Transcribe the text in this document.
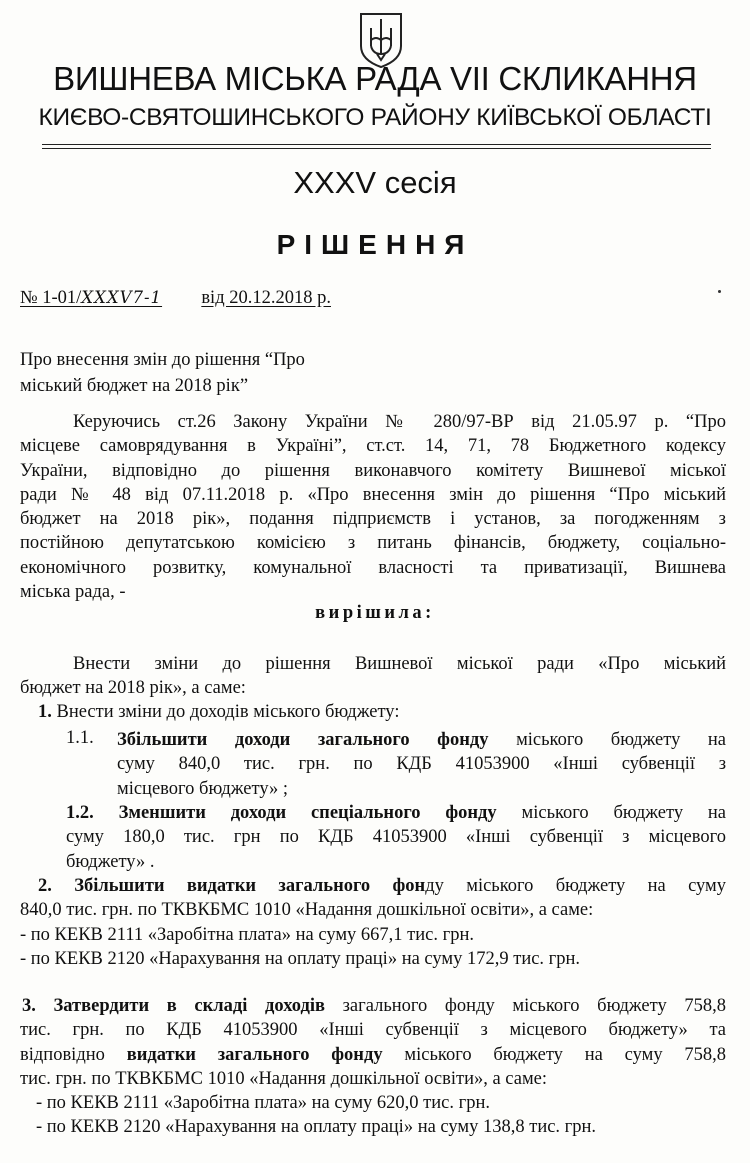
ВИШНЕВА МІСЬКА РАДА VII СКЛИКАННЯ
КИЄВО-СВЯТОШИНСЬКОГО РАЙОНУ КИЇВСЬКОЇ ОБЛАСТІ
XXXV сесія
РІШЕННЯ
№ 1-01/XXXV7-1 від 20.12.2018 р.
Про внесення змін до рішення “Про
міський бюджет на 2018 рік”
Керуючись ст.26 Закону України № 280/97-ВР від 21.05.97 р. “Про
місцеве самоврядування в Україні”, ст.ст. 14, 71, 78 Бюджетного кодексу
України, відповідно до рішення виконавчого комітету Вишневої міської
ради № 48 від 07.11.2018 р. «Про внесення змін до рішення “Про міський
бюджет на 2018 рік», подання підприємств і установ, за погодженням з
постійною депутатською комісією з питань фінансів, бюджету, соціально-
економічного розвитку, комунальної власності та приватизації, Вишнева
міська рада, -
вирішила:
Внести зміни до рішення Вишневої міської ради «Про міський
бюджет на 2018 рік», а саме:
1. Внести зміни до доходів міського бюджету:
1.1. Збільшити доходи загального фонду міського бюджету на
суму 840,0 тис. грн. по КДБ 41053900 «Інші субвенції з
місцевого бюджету» ;
1.2. Зменшити доходи спеціального фонду міського бюджету на
суму 180,0 тис. грн по КДБ 41053900 «Інші субвенції з місцевого
бюджету» .
2. Збільшити видатки загального фонду міського бюджету на суму
840,0 тис. грн. по ТКВКБМС 1010 «Надання дошкільної освіти», а саме:
- по КЕКВ 2111 «Заробітна плата» на суму 667,1 тис. грн.
- по КЕКВ 2120 «Нарахування на оплату праці» на суму 172,9 тис. грн.
3. Затвердити в складі доходів загального фонду міського бюджету 758,8
тис. грн. по КДБ 41053900 «Інші субвенції з місцевого бюджету» та
відповідно видатки загального фонду міського бюджету на суму 758,8
тис. грн. по ТКВКБМС 1010 «Надання дошкільної освіти», а саме:
- по КЕКВ 2111 «Заробітна плата» на суму 620,0 тис. грн.
- по КЕКВ 2120 «Нарахування на оплату праці» на суму 138,8 тис. грн.
